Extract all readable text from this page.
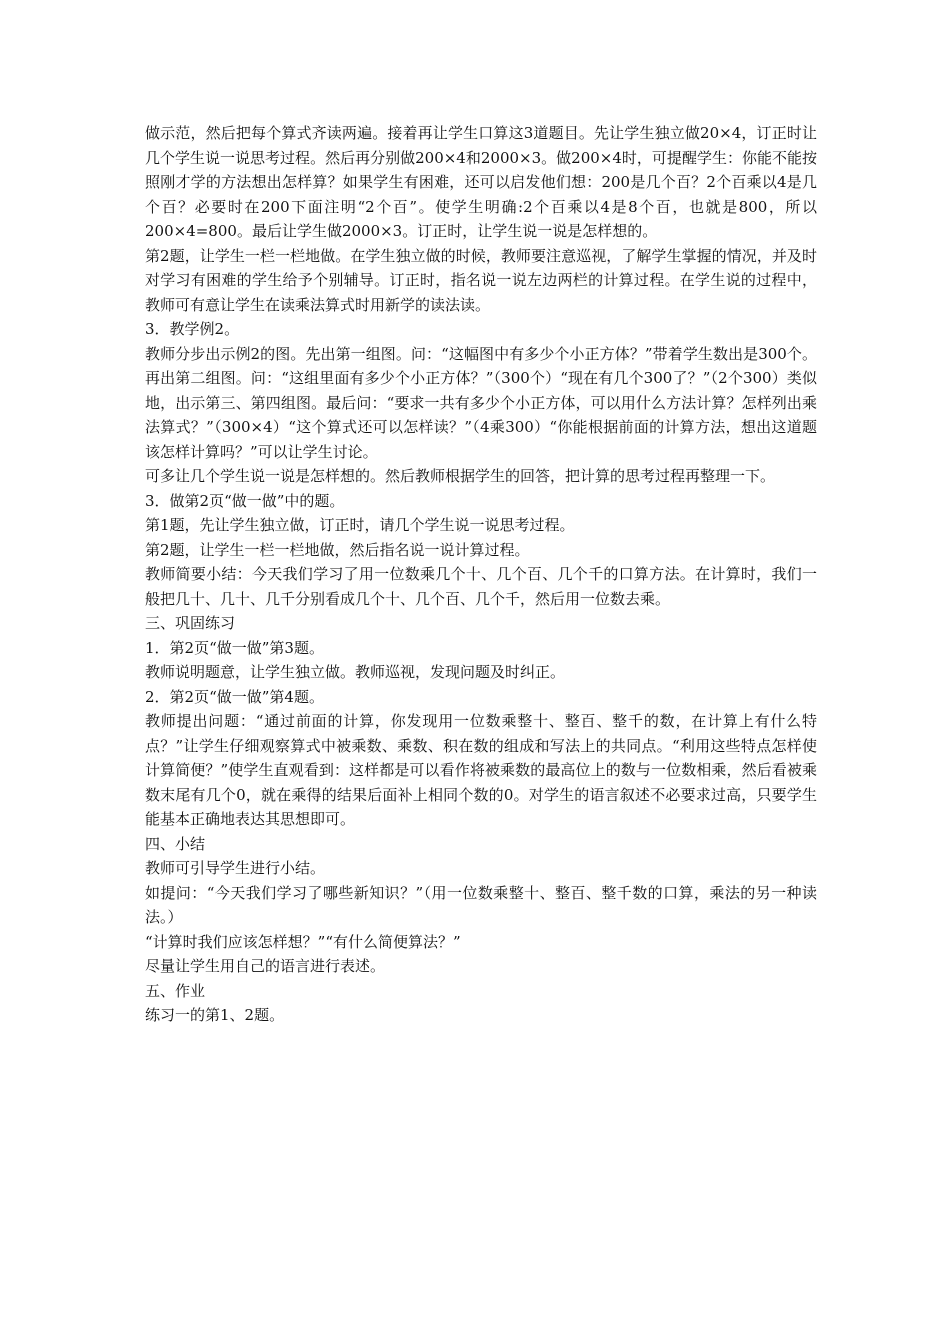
做示范，然后把每个算式齐读两遍。接着再让学生口算这3道题目。先让学生独立做20×4，订正时让几个学生说一说思考过程。然后再分别做200×4和2000×3。做200×4时，可提醒学生：你能不能按照刚才学的方法想出怎样算？如果学生有困难，还可以启发他们想：200是几个百？2个百乘以4是几个百？必要时在200下面注明“2个百”。使学生明确:2个百乘以4是8个百，也就是800，所以200×4=800。最后让学生做2000×3。订正时，让学生说一说是怎样想的。

第2题，让学生一栏一栏地做。在学生独立做的时候，教师要注意巡视，了解学生掌握的情况，并及时对学习有困难的学生给予个别辅导。订正时，指名说一说左边两栏的计算过程。在学生说的过程中，教师可有意让学生在读乘法算式时用新学的读法读。

3．教学例2。

教师分步出示例2的图。先出第一组图。问：“这幅图中有多少个小正方体？”带着学生数出是300个。再出第二组图。问：“这组里面有多少个小正方体？”（300个）“现在有几个300了？”（2个300）类似地，出示第三、第四组图。最后问：“要求一共有多少个小正方体，可以用什么方法计算？怎样列出乘法算式？”（300×4）“这个算式还可以怎样读？”（4乘300）“你能根据前面的计算方法，想出这道题该怎样计算吗？”可以让学生讨论。

可多让几个学生说一说是怎样想的。然后教师根据学生的回答，把计算的思考过程再整理一下。

3．做第2页“做一做”中的题。

第1题，先让学生独立做，订正时，请几个学生说一说思考过程。

第2题，让学生一栏一栏地做，然后指名说一说计算过程。

教师简要小结：今天我们学习了用一位数乘几个十、几个百、几个千的口算方法。在计算时，我们一般把几十、几十、几千分别看成几个十、几个百、几个千，然后用一位数去乘。

三、巩固练习

1．第2页“做一做”第3题。

教师说明题意，让学生独立做。教师巡视，发现问题及时纠正。

2．第2页“做一做”第4题。

教师提出问题：“通过前面的计算，你发现用一位数乘整十、整百、整千的数，在计算上有什么特点？”让学生仔细观察算式中被乘数、乘数、积在数的组成和写法上的共同点。“利用这些特点怎样使计算简便？”使学生直观看到：这样都是可以看作将被乘数的最高位上的数与一位数相乘，然后看被乘数末尾有几个0，就在乘得的结果后面补上相同个数的0。对学生的语言叙述不必要求过高，只要学生能基本正确地表达其思想即可。

四、小结

教师可引导学生进行小结。

如提问：“今天我们学习了哪些新知识？”（用一位数乘整十、整百、整千数的口算，乘法的另一种读法。）

“计算时我们应该怎样想？”“有什么简便算法？”

尽量让学生用自己的语言进行表述。

五、作业

练习一的第1、2题。
